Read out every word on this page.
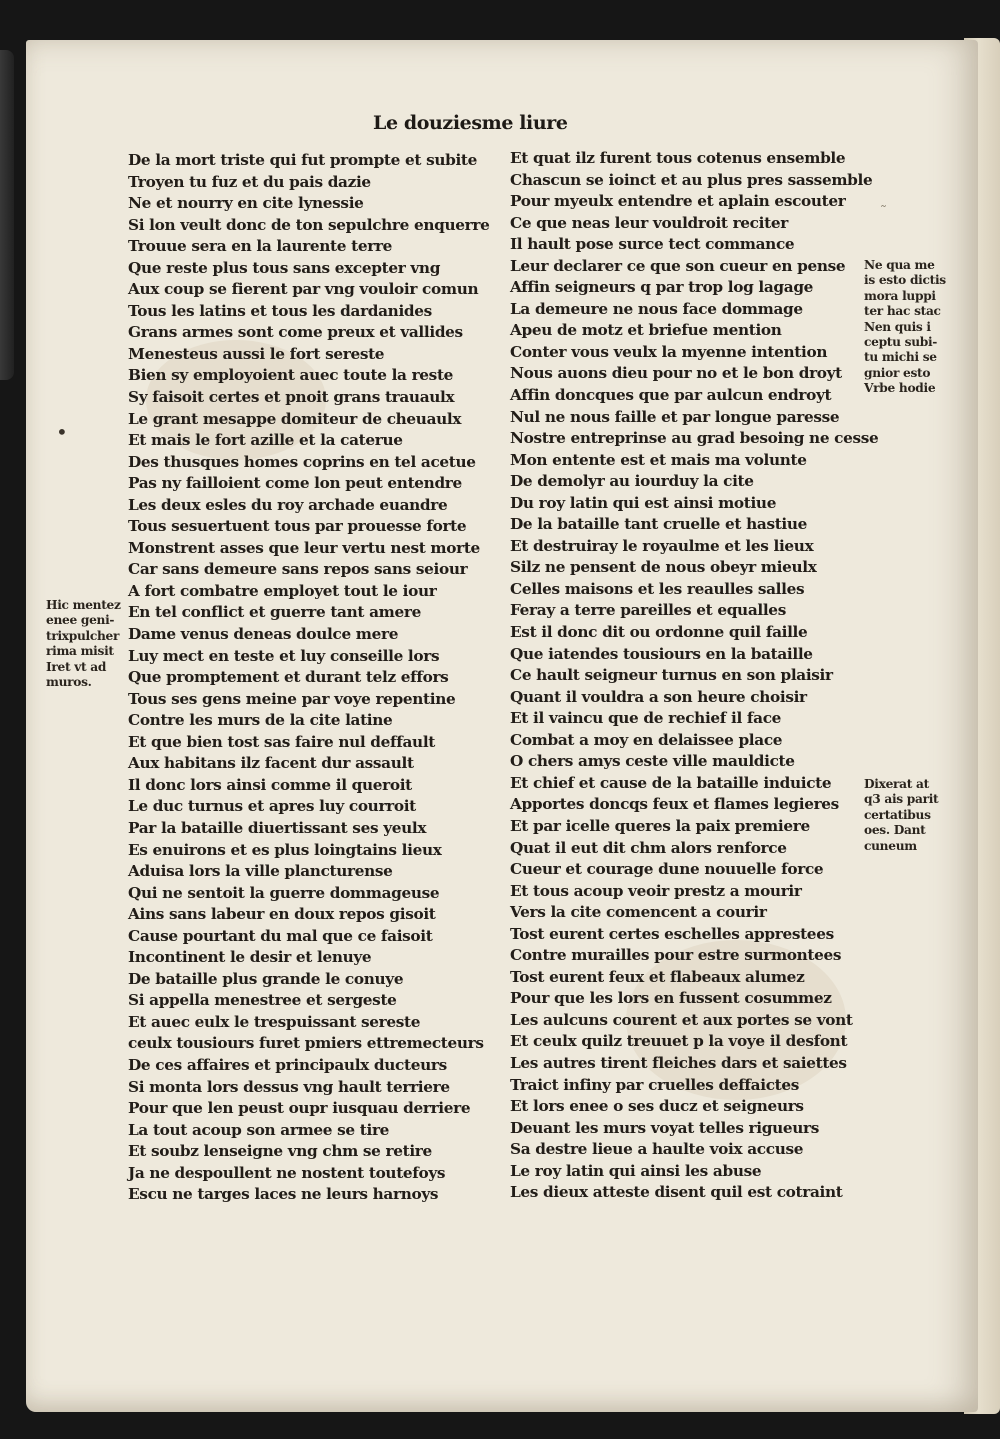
Le douziesme liure
De la mort triste qui fut prompte et subite
Troyen tu fuz et du pais dazie
Ne et nourry en cite lynessie
Si lon veult donc de ton sepulchre enquerre
Trouue sera en la laurente terre
Que reste plus tous sans excepter vng
Aux coup se fierent par vng vouloir comun
Tous les latins et tous les dardanides
Grans armes sont come preux et vallides
Menesteus aussi le fort sereste
Bien sy employoient auec toute la reste
Sy faisoit certes et pnoit grans trauaulx
Le grant mesappe domiteur de cheuaulx
Et mais le fort azille et la caterue
Des thusques homes coprins en tel acetue
Pas ny failloient come lon peut entendre
Les deux esles du roy archade euandre
Tous sesuertuent tous par prouesse forte
Monstrent asses que leur vertu nest morte
Car sans demeure sans repos sans seiour
A fort combatre employet tout le iour
En tel conflict et guerre tant amere
Dame venus deneas doulce mere
Luy mect en teste et luy conseille lors
Que promptement et durant telz effors
Tous ses gens meine par voye repentine
Contre les murs de la cite latine
Et que bien tost sas faire nul deffault
Aux habitans ilz facent dur assault
Il donc lors ainsi comme il queroit
Le duc turnus et apres luy courroit
Par la bataille diuertissant ses yeulx
Es enuirons et es plus loingtains lieux
Aduisa lors la ville plancturense
Qui ne sentoit la guerre dommageuse
Ains sans labeur en doux repos gisoit
Cause pourtant du mal que ce faisoit
Incontinent le desir et lenuye
De bataille plus grande le conuye
Si appella menestree et sergeste
Et auec eulx le trespuissant sereste
ceulx tousiours furet pmiers ettremecteurs
De ces affaires et principaulx ducteurs
Si monta lors dessus vng hault terriere
Pour que len peust oupr iusquau derriere
La tout acoup son armee se tire
Et soubz lenseigne vng chm se retire
Ja ne despoullent ne nostent toutefoys
Escu ne targes laces ne leurs harnoys
Et quat ilz furent tous cotenus ensemble
Chascun se ioinct et au plus pres sassemble
Pour myeulx entendre et aplain escouter
Ce que neas leur vouldroit reciter
Il hault pose surce tect commance
Leur declarer ce que son cueur en pense
Affin seigneurs q par trop log lagage
La demeure ne nous face dommage
Apeu de motz et briefue mention
Conter vous veulx la myenne intention
Nous auons dieu pour no et le bon droyt
Affin doncques que par aulcun endroyt
Nul ne nous faille et par longue paresse
Nostre entreprinse au grad besoing ne cesse
Mon entente est et mais ma volunte
De demolyr au iourduy la cite
Du roy latin qui est ainsi motiue
De la bataille tant cruelle et hastiue
Et destruiray le royaulme et les lieux
Silz ne pensent de nous obeyr mieulx
Celles maisons et les reaulles salles
Feray a terre pareilles et equalles
Est il donc dit ou ordonne quil faille
Que iatendes tousiours en la bataille
Ce hault seigneur turnus en son plaisir
Quant il vouldra a son heure choisir
Et il vaincu que de rechief il face
Combat a moy en delaissee place
O chers amys ceste ville mauldicte
Et chief et cause de la bataille induicte
Apportes doncqs feux et flames legieres
Et par icelle queres la paix premiere
Quat il eut dit chm alors renforce
Cueur et courage dune nouuelle force
Et tous acoup veoir prestz a mourir
Vers la cite comencent a courir
Tost eurent certes eschelles apprestees
Contre murailles pour estre surmontees
Tost eurent feux et flabeaux alumez
Pour que les lors en fussent cosummez
Les aulcuns courent et aux portes se vont
Et ceulx quilz treuuet p la voye il desfont
Les autres tirent fleiches dars et saiettes
Traict infiny par cruelles deffaictes
Et lors enee o ses ducz et seigneurs
Deuant les murs voyat telles rigueurs
Sa destre lieue a haulte voix accuse
Le roy latin qui ainsi les abuse
Les dieux atteste disent quil est cotraint
Hic mentez
enee geni-
trixpulcher
rima misit
Iret vt ad
muros.
Ne qua me
is esto dictis
mora luppi
ter hac stac
Nen quis i
ceptu subi-
tu michi se
gnior esto
Vrbe hodie
Dixerat at
q3 ais parit
certatibus
oes. Dant
cuneum
•
˜
